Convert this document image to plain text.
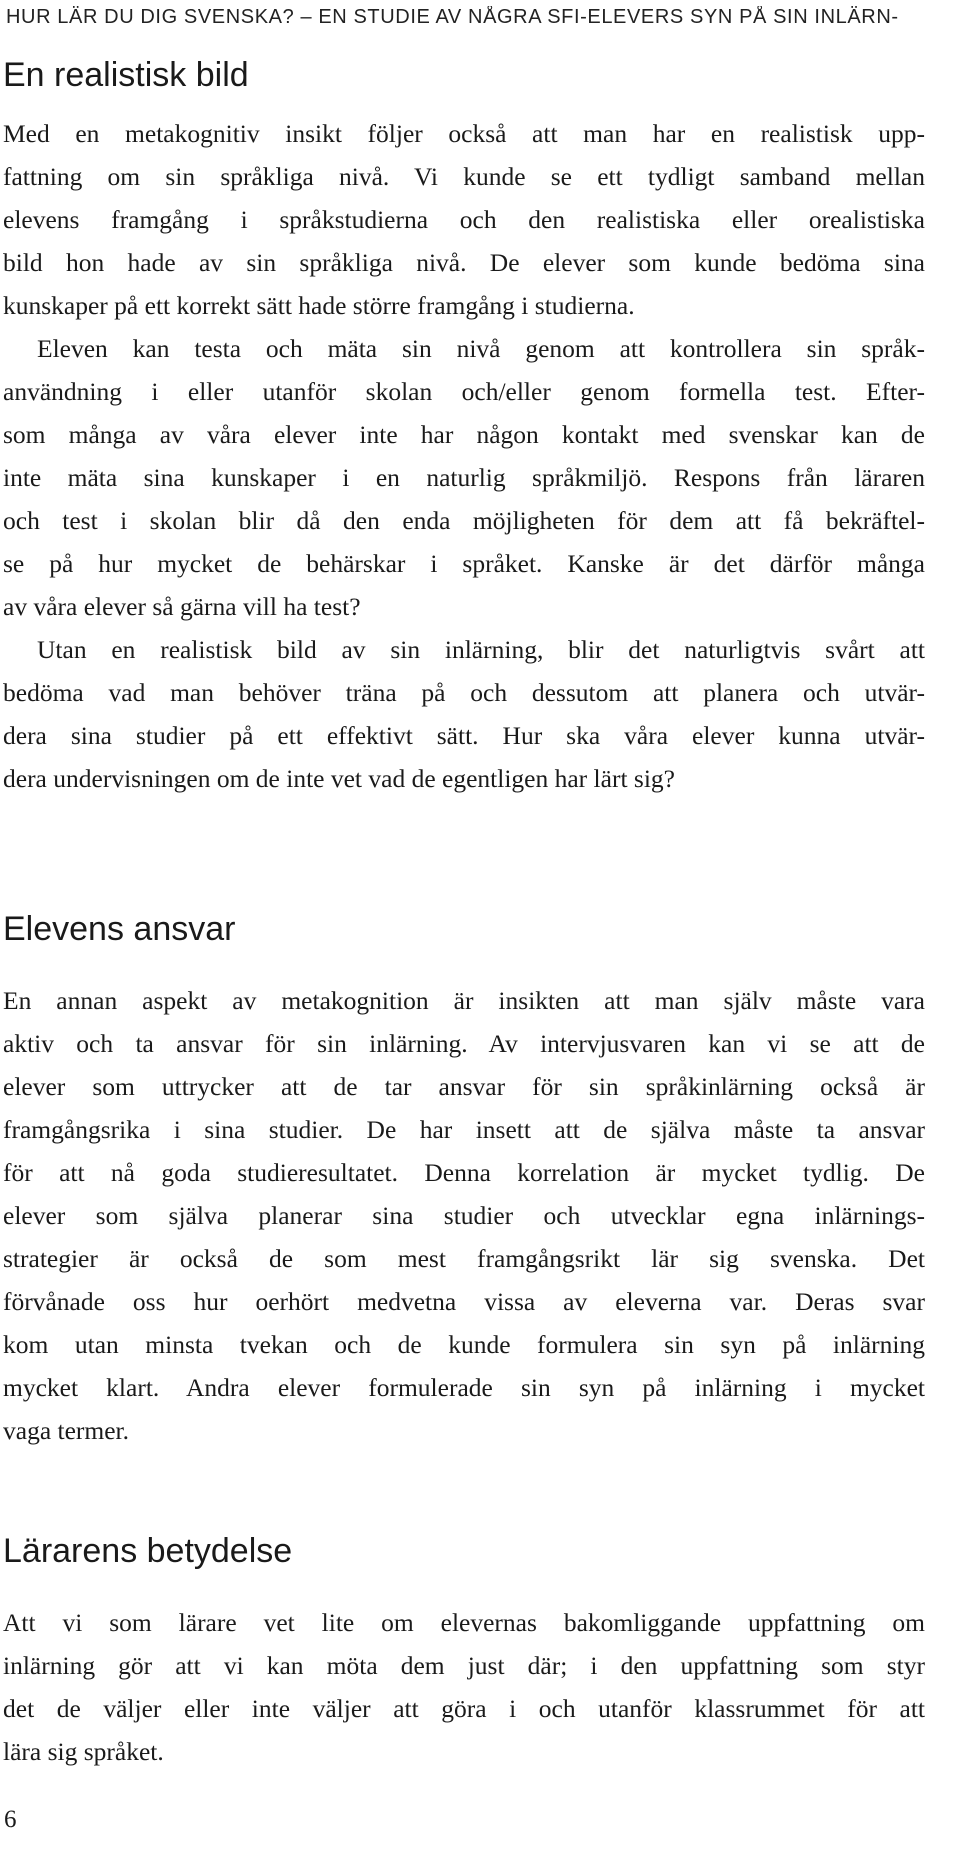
HUR LÄR DU DIG SVENSKA? – EN STUDIE AV NÅGRA SFI-ELEVERS SYN PÅ SIN INLÄRN-
En realistisk bild
Med en metakognitiv insikt följer också att man har en realistisk upp-
fattning om sin språkliga nivå. Vi kunde se ett tydligt samband mellan
elevens framgång i språkstudierna och den realistiska eller orealistiska
bild hon hade av sin språkliga nivå. De elever som kunde bedöma sina
kunskaper på ett korrekt sätt hade större framgång i studierna.
Eleven kan testa och mäta sin nivå genom att kontrollera sin språk-
användning i eller utanför skolan och/eller genom formella test. Efter-
som många av våra elever inte har någon kontakt med svenskar kan de
inte mäta sina kunskaper i en naturlig språkmiljö. Respons från läraren
och test i skolan blir då den enda möjligheten för dem att få bekräftel-
se på hur mycket de behärskar i språket. Kanske är det därför många
av våra elever så gärna vill ha test?
Utan en realistisk bild av sin inlärning, blir det naturligtvis svårt att
bedöma vad man behöver träna på och dessutom att planera och utvär-
dera sina studier på ett effektivt sätt. Hur ska våra elever kunna utvär-
dera undervisningen om de inte vet vad de egentligen har lärt sig?
Elevens ansvar
En annan aspekt av metakognition är insikten att man själv måste vara
aktiv och ta ansvar för sin inlärning. Av intervjusvaren kan vi se att de
elever som uttrycker att de tar ansvar för sin språkinlärning också är
framgångsrika i sina studier. De har insett att de själva måste ta ansvar
för att nå goda studieresultatet. Denna korrelation är mycket tydlig. De
elever som själva planerar sina studier och utvecklar egna inlärnings-
strategier är också de som mest framgångsrikt lär sig svenska. Det
förvånade oss hur oerhört medvetna vissa av eleverna var. Deras svar
kom utan minsta tvekan och de kunde formulera sin syn på inlärning
mycket klart. Andra elever formulerade sin syn på inlärning i mycket
vaga termer.
Lärarens betydelse
Att vi som lärare vet lite om elevernas bakomliggande uppfattning om
inlärning gör att vi kan möta dem just där; i den uppfattning som styr
det de väljer eller inte väljer att göra i och utanför klassrummet för att
lära sig språket.
6
